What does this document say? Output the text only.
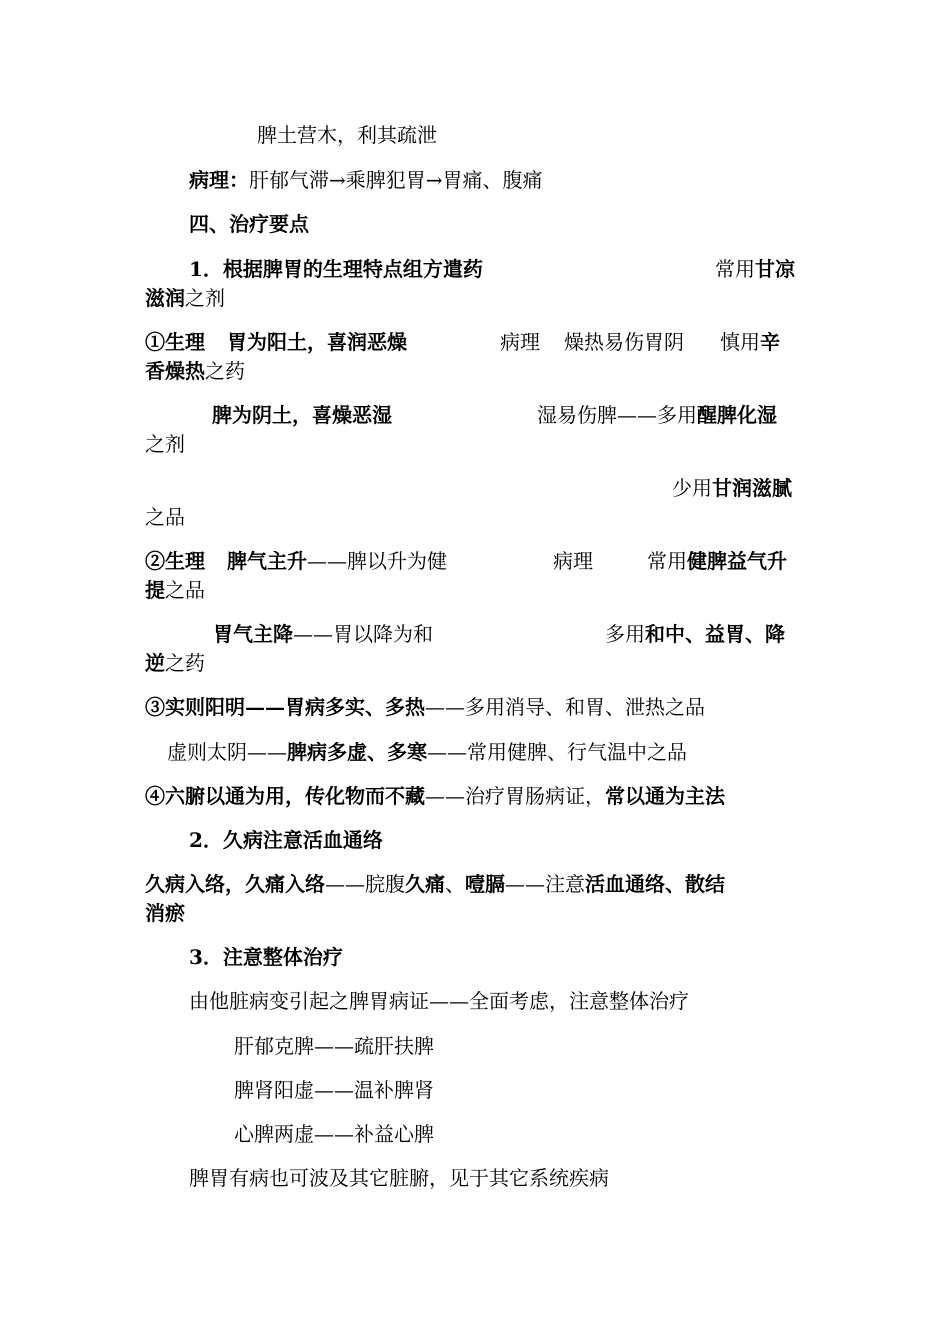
脾土营木，利其疏泄
病理：肝郁气滞→乘脾犯胃→胃痛、腹痛
四、治疗要点
1．根据脾胃的生理特点组方遣药	常用甘凉
滋润之剂
①生理 胃为阳土，喜润恶燥	病理 燥热易伤胃阴 慎用辛
香燥热之药
脾为阴土，喜燥恶湿	湿易伤脾——多用醒脾化湿
之剂
少用甘润滋腻
之品
②生理 脾气主升——脾以升为健	病理	常用健脾益气升
提之品
胃气主降——胃以降为和	多用和中、益胃、降
逆之药
③实则阳明——胃病多实、多热——多用消导、和胃、泄热之品
虚则太阴——脾病多虚、多寒——常用健脾、行气温中之品
④六腑以通为用，传化物而不藏——治疗胃肠病证，常以通为主法
2．久病注意活血通络
久病入络，久痛入络——脘腹久痛、噎膈——注意活血通络、散结
消瘀
3．注意整体治疗
由他脏病变引起之脾胃病证——全面考虑，注意整体治疗
肝郁克脾——疏肝扶脾
脾肾阳虚——温补脾肾
心脾两虚——补益心脾
脾胃有病也可波及其它脏腑，见于其它系统疾病
